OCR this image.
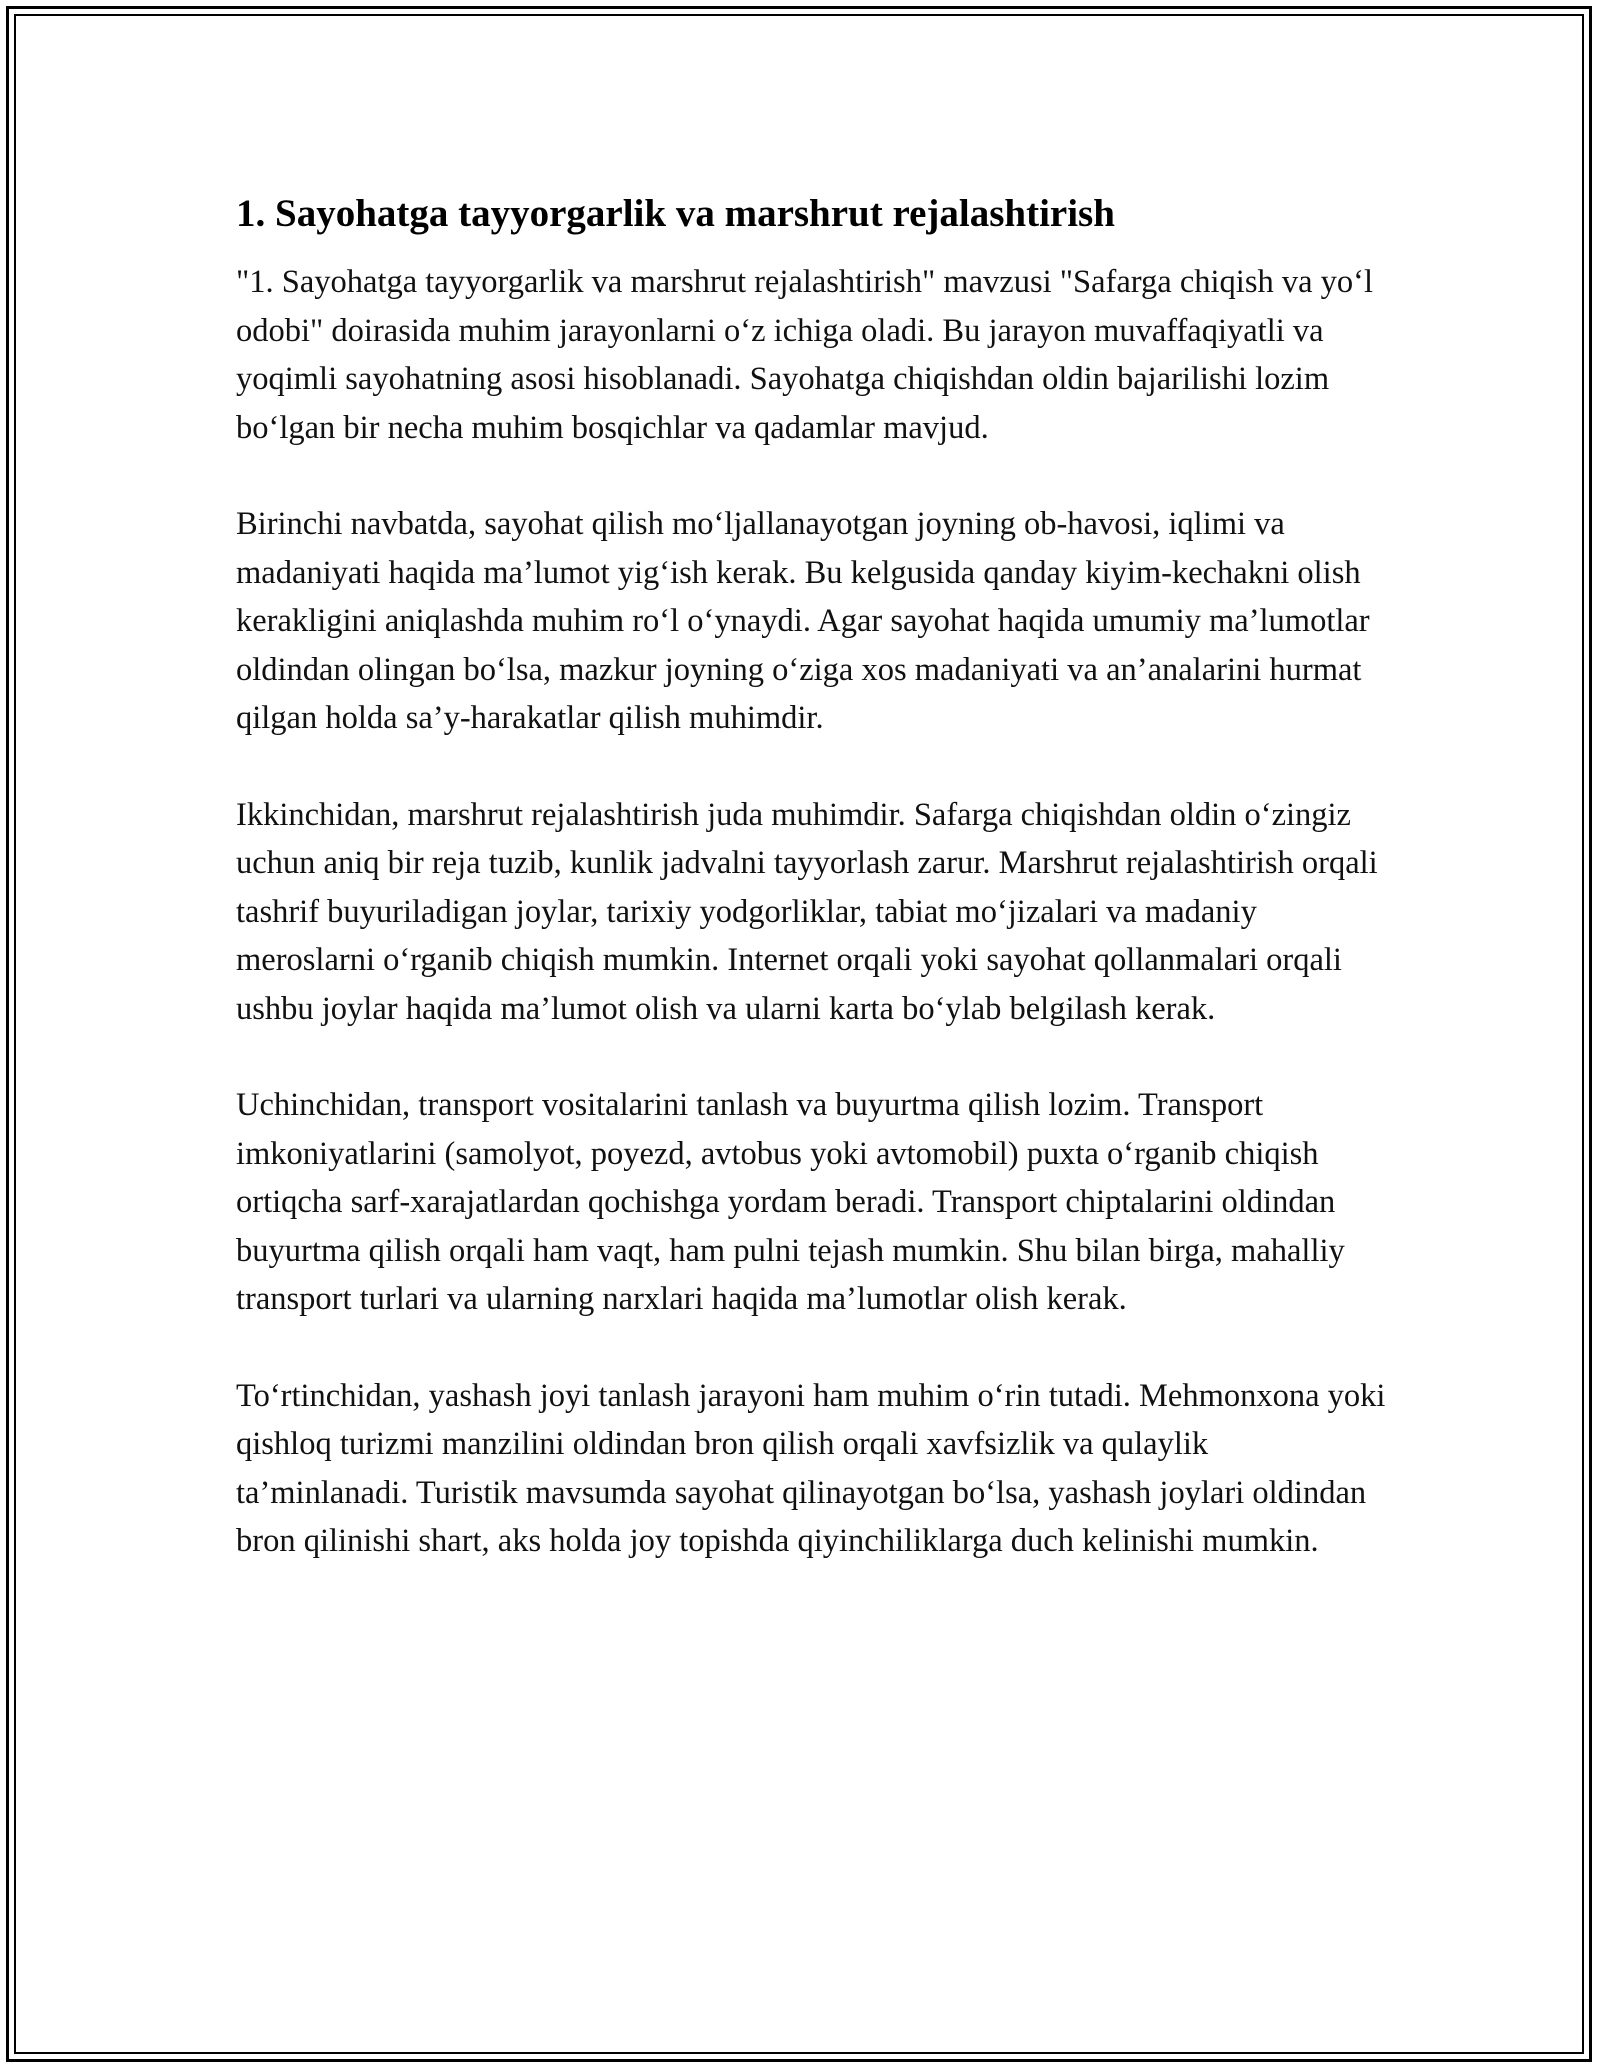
1. Sayohatga tayyorgarlik va marshrut rejalashtirish

"1. Sayohatga tayyorgarlik va marshrut rejalashtirish" mavzusi "Safarga chiqish va yo‘l odobi" doirasida muhim jarayonlarni o‘z ichiga oladi. Bu jarayon muvaffaqiyatli va yoqimli sayohatning asosi hisoblanadi. Sayohatga chiqishdan oldin bajarilishi lozim bo‘lgan bir necha muhim bosqichlar va qadamlar mavjud.

Birinchi navbatda, sayohat qilish mo‘ljallanayotgan joyning ob-havosi, iqlimi va madaniyati haqida ma’lumot yig‘ish kerak. Bu kelgusida qanday kiyim-kechakni olish kerakligini aniqlashda muhim ro‘l o‘ynaydi. Agar sayohat haqida umumiy ma’lumotlar oldindan olingan bo‘lsa, mazkur joyning o‘ziga xos madaniyati va an’analarini hurmat qilgan holda sa’y-harakatlar qilish muhimdir.

Ikkinchidan, marshrut rejalashtirish juda muhimdir. Safarga chiqishdan oldin o‘zingiz uchun aniq bir reja tuzib, kunlik jadvalni tayyorlash zarur. Marshrut rejalashtirish orqali tashrif buyuriladigan joylar, tarixiy yodgorliklar, tabiat mo‘jizalari va madaniy meroslarni o‘rganib chiqish mumkin. Internet orqali yoki sayohat qollanmalari orqali ushbu joylar haqida ma’lumot olish va ularni karta bo‘ylab belgilash kerak.

Uchinchidan, transport vositalarini tanlash va buyurtma qilish lozim. Transport imkoniyatlarini (samolyot, poyezd, avtobus yoki avtomobil) puxta o‘rganib chiqish ortiqcha sarf-xarajatlardan qochishga yordam beradi. Transport chiptalarini oldindan buyurtma qilish orqali ham vaqt, ham pulni tejash mumkin. Shu bilan birga, mahalliy transport turlari va ularning narxlari haqida ma’lumotlar olish kerak.

To‘rtinchidan, yashash joyi tanlash jarayoni ham muhim o‘rin tutadi. Mehmonxona yoki qishloq turizmi manzilini oldindan bron qilish orqali xavfsizlik va qulaylik ta’minlanadi. Turistik mavsumda sayohat qilinayotgan bo‘lsa, yashash joylari oldindan bron qilinishi shart, aks holda joy topishda qiyinchiliklarga duch kelinishi mumkin.
